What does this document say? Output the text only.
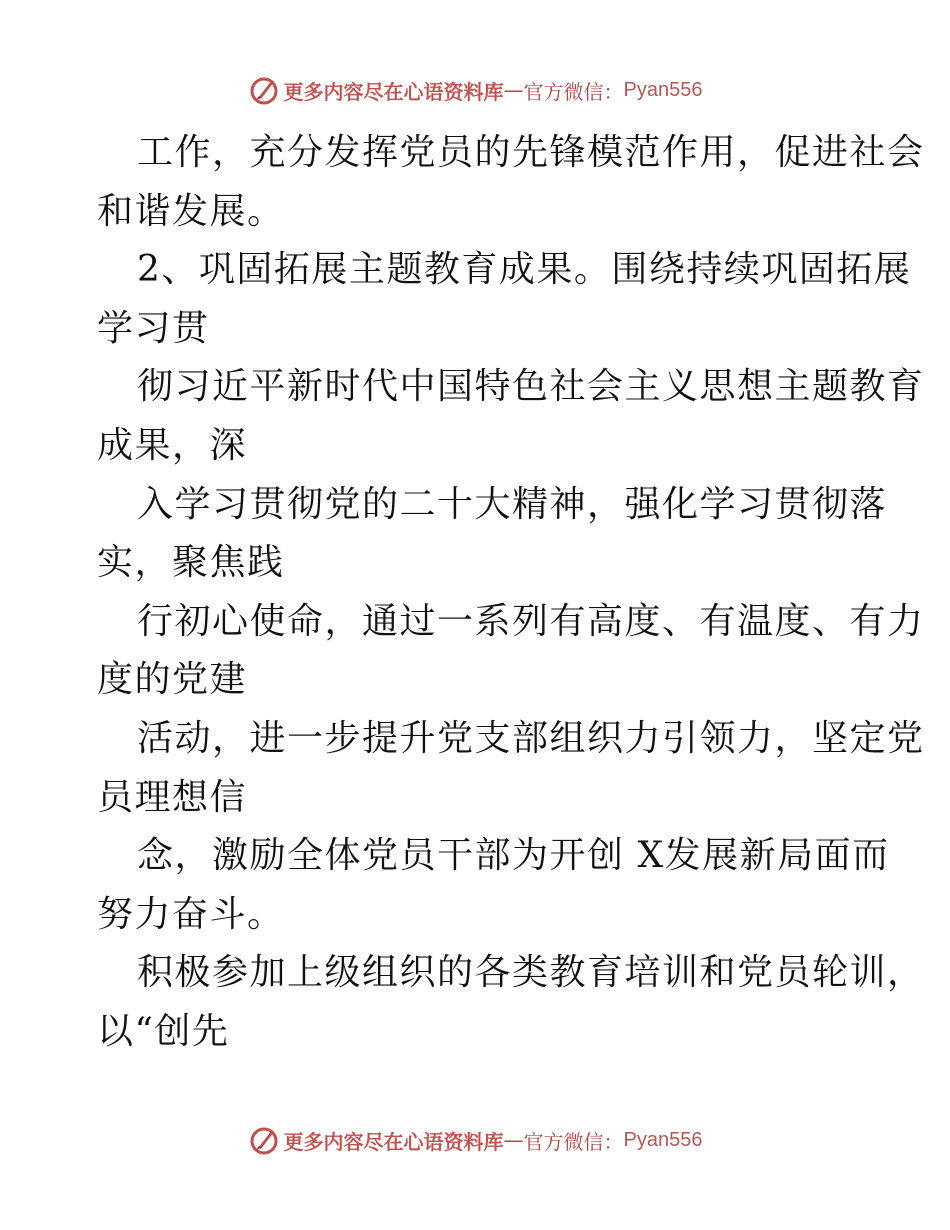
更多内容尽在心语资料库 — 官方微信： Pyan556
工作，充分发挥党员的先锋模范作用，促进社会
和谐发展。
2、巩固拓展主题教育成果。围绕持续巩固拓展
学习贯
彻习近平新时代中国特色社会主义思想主题教育
成果，深
入学习贯彻党的二十大精神，强化学习贯彻落
实，聚焦践
行初心使命，通过一系列有高度、有温度、有力
度的党建
活动，进一步提升党支部组织力引领力，坚定党
员理想信
念，激励全体党员干部为开创 X发展新局面而
努力奋斗。
积极参加上级组织的各类教育培训和党员轮训，
以“创先
更多内容尽在心语资料库 — 官方微信： Pyan556
